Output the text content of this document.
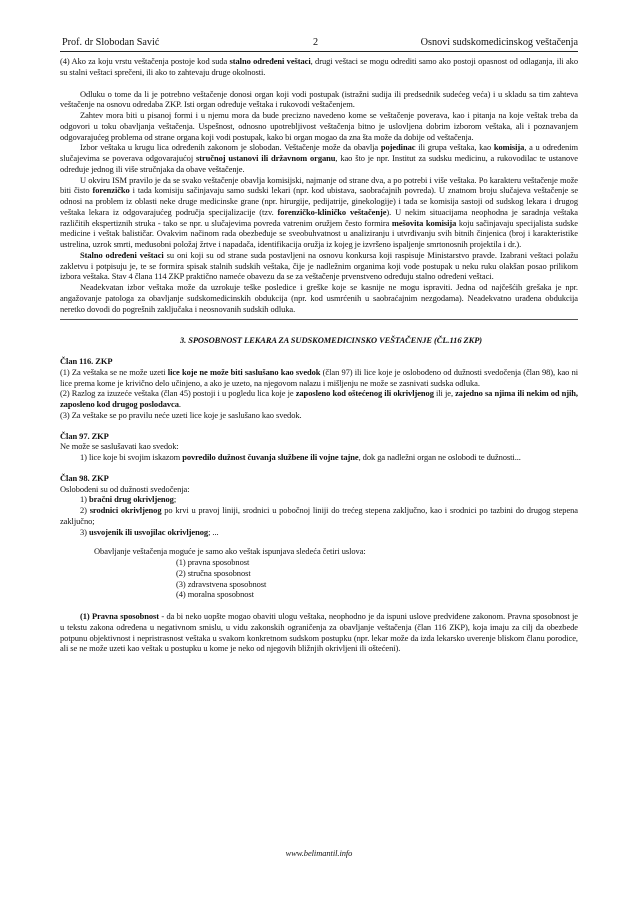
Prof. dr Slobodan Savić	2	Osnovi sudskomedicinskog veštačenja

(4) Ako za koju vrstu veštačenja postoje kod suda stalno određeni veštaci, drugi veštaci se mogu odrediti samo ako postoji opasnost od odlaganja, ili ako su stalni veštaci sprečeni, ili ako to zahtevaju druge okolnosti.

Odluku o tome da li je potrebno veštačenje donosi organ koji vodi postupak (istražni sudija ili predsednik sudećeg veća) i u skladu sa tim zahteva veštačenje na osnovu odredaba ZKP. Isti organ određuje veštaka i rukovodi veštačenjem.

Zahtev mora biti u pisanoj formi i u njemu mora da bude precizno navedeno kome se veštačenje poverava, kao i pitanja na koje veštak treba da odgovori u toku obavljanja veštačenja. Uspešnost, odnosno upotrebljivost veštačenja bitno je uslovljena dobrim izborom veštaka, ali i poznavanjem odgovarajućeg problema od strane organa koji vodi postupak, kako bi organ mogao da zna šta može da dobije od veštačenja.

Izbor veštaka u krugu lica određenih zakonom je slobodan. Veštačenje može da obavlja pojedinac ili grupa veštaka, kao komisija, a u određenim slučajevima se poverava odgovarajućoj stručnoj ustanovi ili državnom organu, kao što je npr. Institut za sudsku medicinu, a rukovodilac te ustanove određuje jednog ili više stručnjaka da obave veštačenje.

U okviru ISM pravilo je da se svako veštačenje obavlja komisijski, najmanje od strane dva, a po potrebi i više veštaka. Po karakteru veštačenje može biti čisto forenzičko i tada komisiju sačinjavaju samo sudski lekari (npr. kod ubistava, saobraćajnih povreda). U znatnom broju slučajeva veštačenje se odnosi na problem iz oblasti neke druge medicinske grane (npr. hirurgije, pedijatrije, ginekologije) i tada se komisija sastoji od sudskog lekara i drugog veštaka lekara iz odgovarajućeg područja specijalizacije (tzv. forenzičko-kliničko veštačenje). U nekim situacijama neophodna je saradnja veštaka različitih ekspertiznih struka - tako se npr. u slučajevima povreda vatrenim oružjem često formira mešovita komisija koju sačinjavaju specijalista sudske medicine i veštak balističar. Ovakvim načinom rada obezbeđuje se sveobuhvatnost u analiziranju i utvrđivanju svih bitnih činjenica (broj i karakteristike ustrelina, uzrok smrti, međusobni položaj žrtve i napadača, identifikacija oružja iz kojeg je izvršeno ispaljenje smrtonosnih projektila i dr.).

Stalno određeni veštaci su oni koji su od strane suda postavljeni na osnovu konkursa koji raspisuje Ministarstvo pravde. Izabrani veštaci polažu zakletvu i potpisuju je, te se formira spisak stalnih sudskih veštaka, čije je nadležnim organima koji vode postupak u neku ruku olakšan posao prilikom izbora veštaka. Stav 4 člana 114 ZKP praktično nameće obavezu da se za veštačenje prvenstveno određuju stalno određeni veštaci.

Neadekvatan izbor veštaka može da uzrokuje teške posledice i greške koje se kasnije ne mogu ispraviti. Jedna od najčešćih grešaka je npr. angažovanje patologa za obavljanje sudskomedicinskih obdukcija (npr. kod usmrćenih u saobraćajnim nezgodama). Neadekvatno urađena obdukcija neretko dovodi do pogrešnih zaključaka i neosnovanih sudskih odluka.

3. SPOSOBNOST LEKARA ZA SUDSKOMEDICINSKO VEŠTAČENJE (ČL.116 ZKP)

Član 116. ZKP

(1) Za veštaka se ne može uzeti lice koje ne može biti saslušano kao svedok (član 97) ili lice koje je oslobođeno od dužnosti svedočenja (član 98), kao ni lice prema kome je krivično delo učinjeno, a ako je uzeto, na njegovom nalazu i mišljenju ne može se zasnivati sudska odluka.

(2) Razlog za izuzeće veštaka (član 45) postoji i u pogledu lica koje je zaposleno kod oštećenog ili okrivljenog ili je, zajedno sa njima ili nekim od njih, zaposleno kod drugog poslodavca.

(3) Za veštake se po pravilu neće uzeti lice koje je saslušano kao svedok.

Član 97. ZKP

Ne može se saslušavati kao svedok:

1) lice koje bi svojim iskazom povredilo dužnost čuvanja službene ili vojne tajne, dok ga nadležni organ ne oslobodi te dužnosti...

Član 98. ZKP

Oslobođeni su od dužnosti svedočenja:

1) bračni drug okrivljenog;

2) srodnici okrivljenog po krvi u pravoj liniji, srodnici u pobočnoj liniji do trećeg stepena zaključno, kao i srodnici po tazbini do drugog stepena zaključno;

3) usvojenik ili usvojilac okrivljenog; ...

Obavljanje veštačenja moguće je samo ako veštak ispunjava sledeća četiri uslova:

(1) pravna sposobnost

(2) stručna sposobnost

(3) zdravstvena sposobnost

(4) moralna sposobnost

(1) Pravna sposobnost - da bi neko uopšte mogao obaviti ulogu veštaka, neophodno je da ispuni uslove predviđene zakonom. Pravna sposobnost je u tekstu zakona određena u negativnom smislu, u vidu zakonskih ograničenja za obavljanje veštačenja (član 116 ZKP), koja imaju za cilj da obezbede potpunu objektivnost i nepristrasnost veštaka u svakom konkretnom sudskom postupku (npr. lekar može da izda lekarsko uverenje bliskom članu porodice, ali se ne može uzeti kao veštak u postupku u kome je neko od njegovih bližnjih okrivljeni ili oštećeni).

www.belimantil.info
